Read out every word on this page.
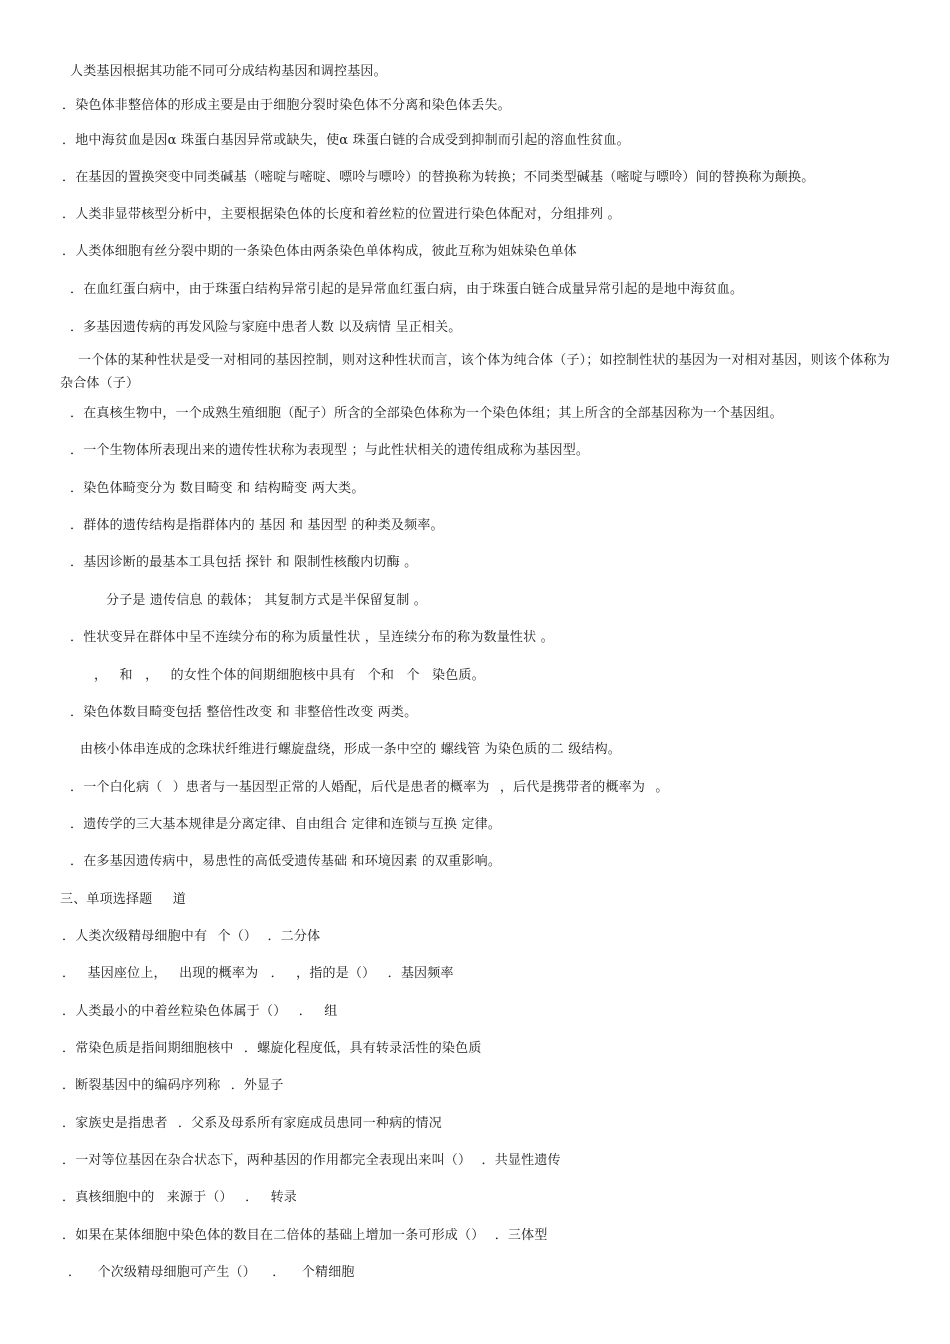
人类基因根据其功能不同可分成结构基因和调控基因。
．染色体非整倍体的形成主要是由于细胞分裂时染色体不分离和染色体丢失。
．地中海贫血是因α 珠蛋白基因异常或缺失，使α 珠蛋白链的合成受到抑制而引起的溶血性贫血。
．在基因的置换突变中同类碱基（嘧啶与嘧啶、嘌呤与嘌呤）的替换称为转换；不同类型碱基（嘧啶与嘌呤）间的替换称为颠换。
．人类非显带核型分析中，主要根据染色体的长度和着丝粒的位置进行染色体配对，分组排列 。
．人类体细胞有丝分裂中期的一条染色体由两条染色单体构成，彼此互称为姐妹染色单体
．在血红蛋白病中，由于珠蛋白结构异常引起的是异常血红蛋白病，由于珠蛋白链合成量异常引起的是地中海贫血。
．多基因遗传病的再发风险与家庭中患者人数 以及病情 呈正相关。
一个体的某种性状是受一对相同的基因控制，则对这种性状而言，该个体为纯合体（子）；如控制性状的基因为一对相对基因，则该个体称为杂合体（子）
．在真核生物中，一个成熟生殖细胞（配子）所含的全部染色体称为一个染色体组；其上所含的全部基因称为一个基因组。
．一个生物体所表现出来的遗传性状称为表现型 ；与此性状相关的遗传组成称为基因型。
．染色体畸变分为 数目畸变 和 结构畸变 两大类。
．群体的遗传结构是指群体内的 基因 和 基因型 的种类及频率。
．基因诊断的最基本工具包括 探针 和 限制性核酸内切酶 。
分子是 遗传信息 的载体； 其复制方式是半保留复制 。
．性状变异在群体中呈不连续分布的称为质量性状 ，呈连续分布的称为数量性状 。
， 和 ， 的女性个体的间期细胞核中具有 个和 个 染色质。
．染色体数目畸变包括 整倍性改变 和 非整倍性改变 两类。
由核小体串连成的念珠状纤维进行螺旋盘绕，形成一条中空的 螺线管 为染色质的二 级结构。
．一个白化病（ ）患者与一基因型正常的人婚配，后代是患者的概率为 ，后代是携带者的概率为 。
．遗传学的三大基本规律是分离定律、自由组合 定律和连锁与互换 定律。
．在多基因遗传病中，易患性的高低受遗传基础 和环境因素 的双重影响。
三、单项选择题 道
．人类次级精母细胞中有 个（） ．二分体
． 基因座位上， 出现的概率为 ． ，指的是（） ．基因频率
．人类最小的中着丝粒染色体属于（） ． 组
．常染色质是指间期细胞核中 ．螺旋化程度低，具有转录活性的染色质
．断裂基因中的编码序列称 ．外显子
．家族史是指患者 ．父系及母系所有家庭成员患同一种病的情况
．一对等位基因在杂合状态下，两种基因的作用都完全表现出来叫（） ．共显性遗传
．真核细胞中的 来源于（） ． 转录
．如果在某体细胞中染色体的数目在二倍体的基础上增加一条可形成（） ．三体型
． 个次级精母细胞可产生（） ． 个精细胞
